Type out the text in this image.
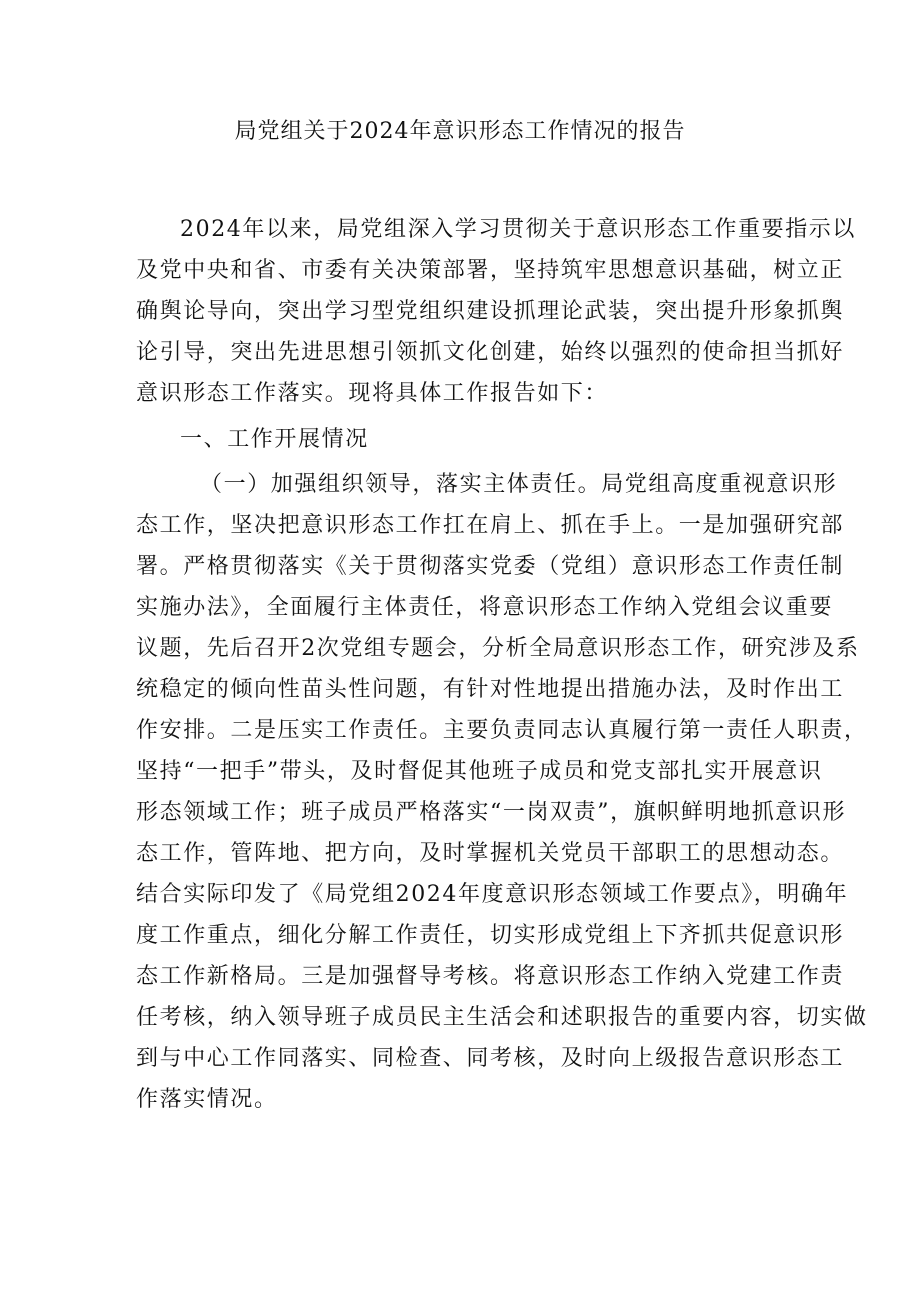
局党组关于2024年意识形态工作情况的报告
2024年以来，局党组深入学习贯彻关于意识形态工作重要指示以
及党中央和省、市委有关决策部署，坚持筑牢思想意识基础，树立正
确舆论导向，突出学习型党组织建设抓理论武装，突出提升形象抓舆
论引导，突出先进思想引领抓文化创建，始终以强烈的使命担当抓好
意识形态工作落实。现将具体工作报告如下：
一、工作开展情况
（一）加强组织领导，落实主体责任。局党组高度重视意识形
态工作，坚决把意识形态工作扛在肩上、抓在手上。一是加强研究部
署。严格贯彻落实《关于贯彻落实党委（党组）意识形态工作责任制
实施办法》，全面履行主体责任，将意识形态工作纳入党组会议重要
议题，先后召开2次党组专题会，分析全局意识形态工作，研究涉及系
统稳定的倾向性苗头性问题，有针对性地提出措施办法，及时作出工
作安排。二是压实工作责任。主要负责同志认真履行第一责任人职责，
坚持“一把手”带头，及时督促其他班子成员和党支部扎实开展意识
形态领域工作；班子成员严格落实“一岗双责”，旗帜鲜明地抓意识形
态工作，管阵地、把方向，及时掌握机关党员干部职工的思想动态。
结合实际印发了《局党组2024年度意识形态领域工作要点》，明确年
度工作重点，细化分解工作责任，切实形成党组上下齐抓共促意识形
态工作新格局。三是加强督导考核。将意识形态工作纳入党建工作责
任考核，纳入领导班子成员民主生活会和述职报告的重要内容，切实做
到与中心工作同落实、同检查、同考核，及时向上级报告意识形态工
作落实情况。
